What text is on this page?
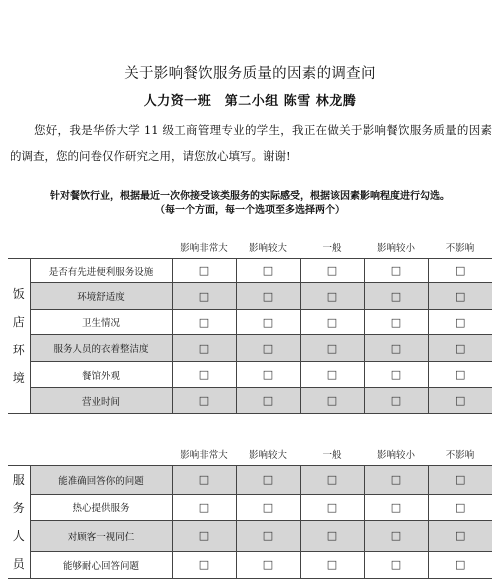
关于影响餐饮服务质量的因素的调查问
人力资一班　第二小组 陈雪 林龙腾
您好，我是华侨大学 11 级工商管理专业的学生，我正在做关于影响餐饮服务质量的因素的调查，您的问卷仅作研究之用，请您放心填写。谢谢!
针对餐饮行业，根据最近一次你接受该类服务的实际感受，根据该因素影响程度进行勾选。
（每一个方面，每一个选项至多选择两个）
		影响非常大	影响较大	一般	影响较小	不影响

饭
店
环
境	是否有先进便利服务设施	□	□	□	□	□
	环境舒适度	□	□	□	□	□
	卫生情况	□	□	□	□	□
	服务人员的衣着整洁度	□	□	□	□	□
	餐馆外观	□	□	□	□	□
	营业时间	□	□	□	□	□
		影响非常大	影响较大	一般	影响较小	不影响

服
务
人
员	能准确回答你的问题	□	□	□	□	□
	热心提供服务	□	□	□	□	□
	对顾客一视同仁	□	□	□	□	□
	能够耐心回答问题	□	□	□	□	□
